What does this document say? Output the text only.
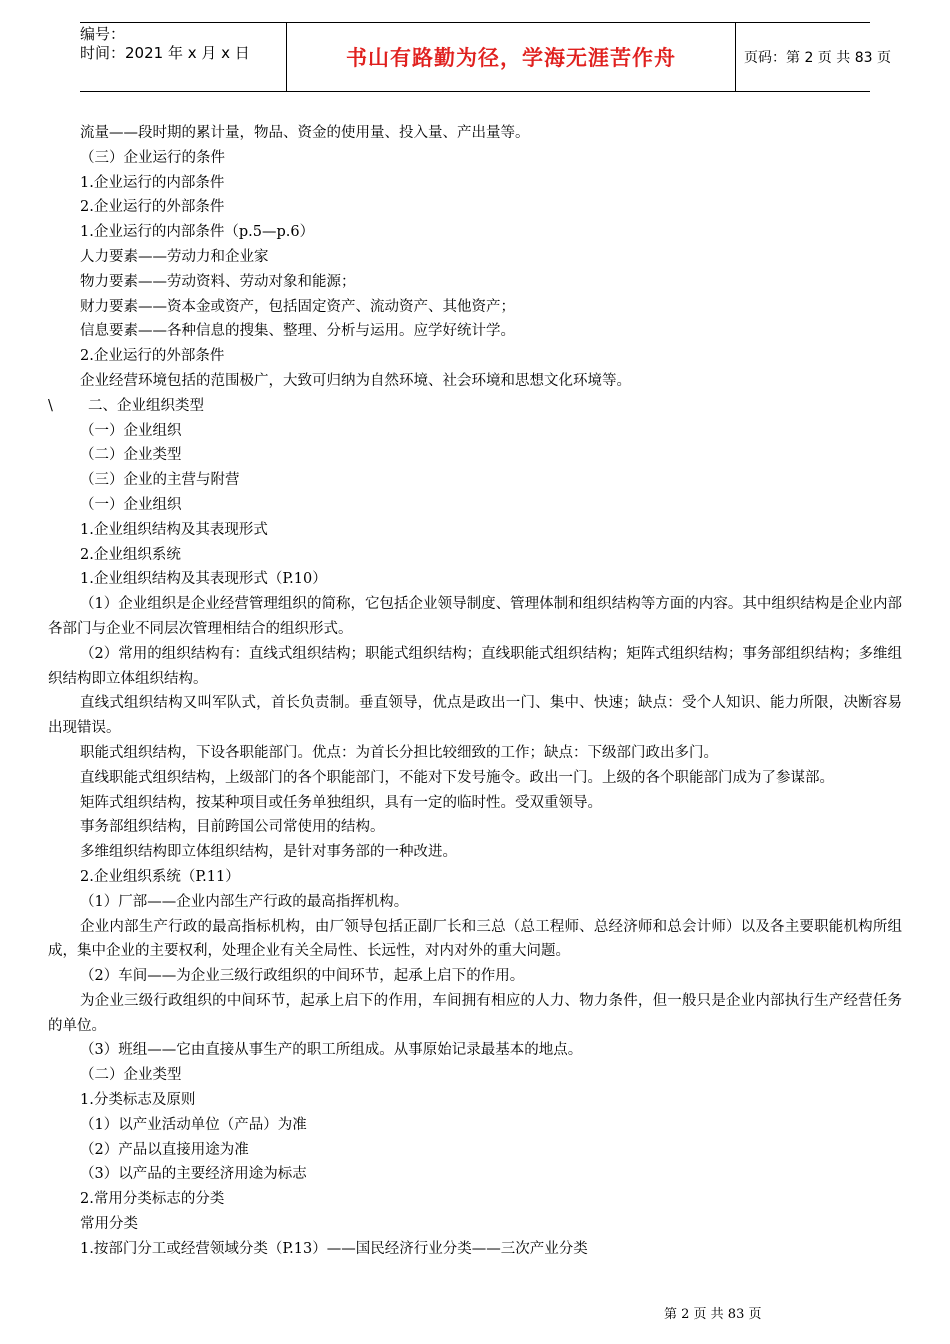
编号：
时间：2021 年 x 月 x 日	书山有路勤为径，学海无涯苦作舟	页码：第 2 页 共 83 页
流量——段时期的累计量，物品、资金的使用量、投入量、产出量等。
（三）企业运行的条件
1.企业运行的内部条件
2.企业运行的外部条件
1.企业运行的内部条件（p.5—p.6）
人力要素——劳动力和企业家
物力要素——劳动资料、劳动对象和能源；
财力要素——资本金或资产，包括固定资产、流动资产、其他资产；
信息要素——各种信息的搜集、整理、分析与运用。应学好统计学。
2.企业运行的外部条件
企业经营环境包括的范围极广，大致可归纳为自然环境、社会环境和思想文化环境等。
\ 二、企业组织类型
（一）企业组织
（二）企业类型
（三）企业的主营与附营
（一）企业组织
1.企业组织结构及其表现形式
2.企业组织系统
1.企业组织结构及其表现形式（P.10）
（1）企业组织是企业经营管理组织的简称，它包括企业领导制度、管理体制和组织结构等方面的内容。其中组织结构是企业内部各部门与企业不同层次管理相结合的组织形式。
（2）常用的组织结构有：直线式组织结构；职能式组织结构；直线职能式组织结构；矩阵式组织结构；事务部组织结构；多维组织结构即立体组织结构。
直线式组织结构又叫军队式，首长负责制。垂直领导，优点是政出一门、集中、快速；缺点：受个人知识、能力所限，决断容易出现错误。
职能式组织结构，下设各职能部门。优点：为首长分担比较细致的工作；缺点：下级部门政出多门。
直线职能式组织结构，上级部门的各个职能部门，不能对下发号施令。政出一门。上级的各个职能部门成为了参谋部。
矩阵式组织结构，按某种项目或任务单独组织，具有一定的临时性。受双重领导。
事务部组织结构，目前跨国公司常使用的结构。
多维组织结构即立体组织结构，是针对事务部的一种改进。
2.企业组织系统（P.11）
（1）厂部——企业内部生产行政的最高指挥机构。
企业内部生产行政的最高指标机构，由厂领导包括正副厂长和三总（总工程师、总经济师和总会计师）以及各主要职能机构所组成，集中企业的主要权利，处理企业有关全局性、长远性，对内对外的重大问题。
（2）车间——为企业三级行政组织的中间环节，起承上启下的作用。
为企业三级行政组织的中间环节，起承上启下的作用，车间拥有相应的人力、物力条件，但一般只是企业内部执行生产经营任务的单位。
（3）班组——它由直接从事生产的职工所组成。从事原始记录最基本的地点。
（二）企业类型
1.分类标志及原则
（1）以产业活动单位（产品）为准
（2）产品以直接用途为准
（3）以产品的主要经济用途为标志
2.常用分类标志的分类
常用分类
1.按部门分工或经营领域分类（P.13）——国民经济行业分类——三次产业分类
第 2 页 共 83 页
